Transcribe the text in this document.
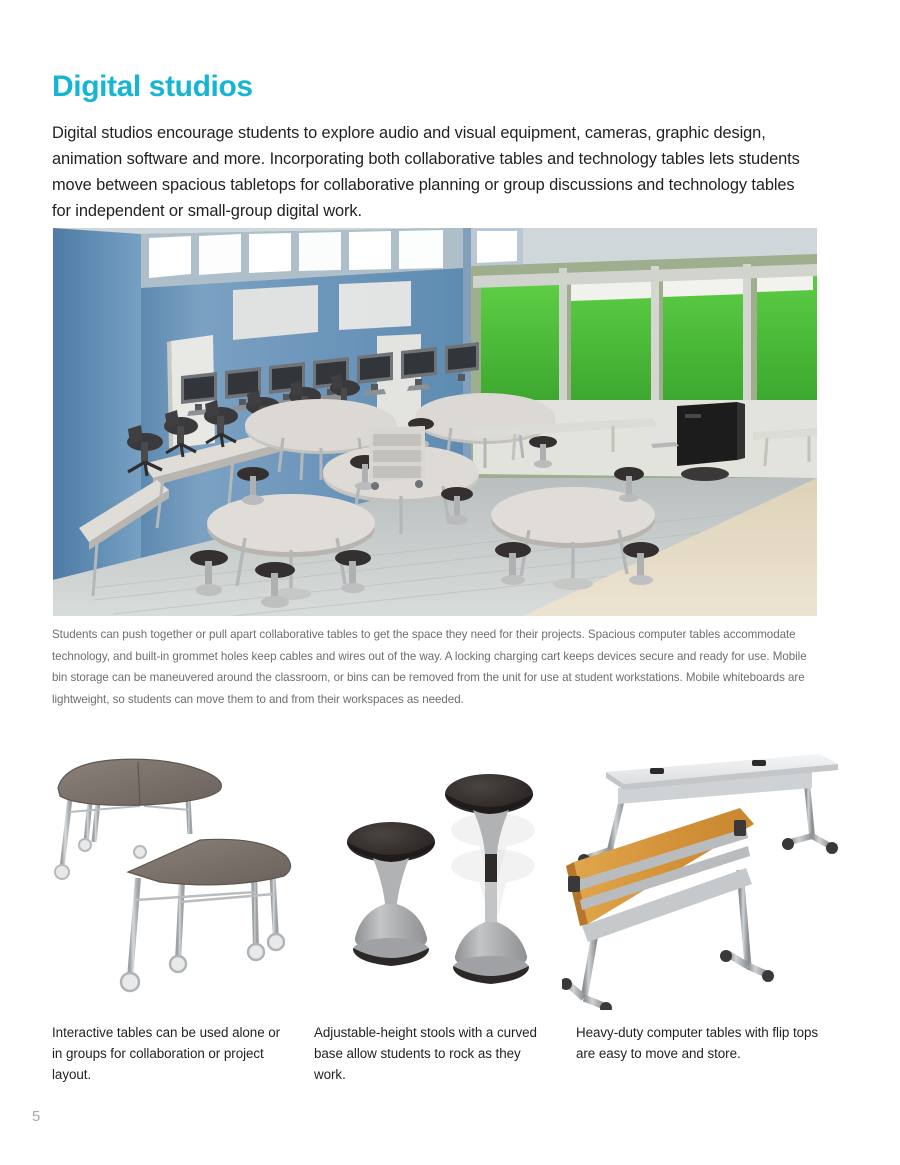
Digital studios

Digital studios encourage students to explore audio and visual equipment, cameras, graphic design, animation software and more. Incorporating both collaborative tables and technology tables lets students move between spacious tabletops for collaborative planning or group discussions and technology tables for independent or small-group digital work.

Students can push together or pull apart collaborative tables to get the space they need for their projects. Spacious computer tables accommodate technology, and built-in grommet holes keep cables and wires out of the way. A locking charging cart keeps devices secure and ready for use. Mobile bin storage can be maneuvered around the classroom, or bins can be removed from the unit for use at student workstations. Mobile whiteboards are lightweight, so students can move them to and from their workspaces as needed.

Interactive tables can be used alone or in groups for collaboration or project layout.

Adjustable-height stools with a curved base allow students to rock as they work.

Heavy-duty computer tables with flip tops are easy to move and store.

5
